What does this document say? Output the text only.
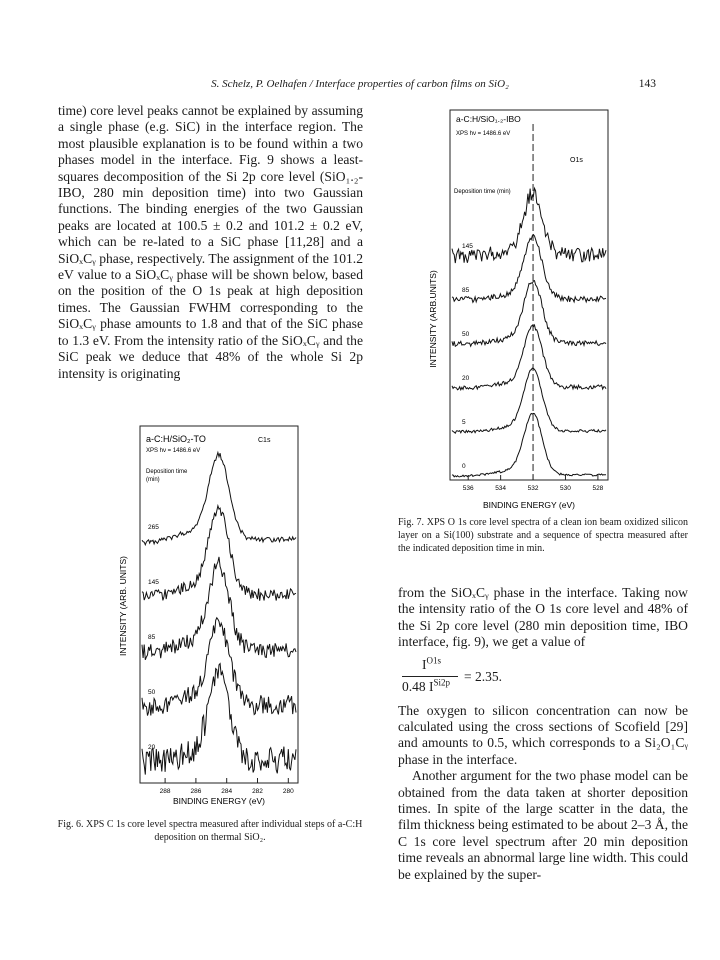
S. Schelz, P. Oelhafen / Interface properties of carbon films on SiO₂	143

time) core level peaks cannot be explained by assuming a single phase (e.g. SiC) in the interface region. The most plausible explanation is to be found within a two phases model in the interface. Fig. 9 shows a least-squares decomposition of the Si 2p core level (SiO₁.₂-IBO, 280 min deposition time) into two Gaussian functions. The binding energies of the two Gaussian peaks are located at 100.5 ± 0.2 and 101.2 ± 0.2 eV, which can be re-lated to a SiC phase [11,28] and a SiOₓCᵧ phase, respectively. The assignment of the 101.2 eV value to a SiOₓCᵧ phase will be shown below, based on the position of the O 1s peak at high deposition times. The Gaussian FWHM corresponding to the SiOₓCᵧ phase amounts to 1.8 and that of the SiC phase to 1.3 eV. From the intensity ratio of the SiOₓCᵧ and the SiC peak we deduce that 48% of the whole Si 2p intensity is originating

from the SiOₓCᵧ phase in the interface. Taking now the intensity ratio of the O 1s core level and 48% of the Si 2p core level (280 min deposition time, IBO interface, fig. 9), we get a value of

$I^{O1s}$
0.48 $I^{Si2p} = 2.35$.

The oxygen to silicon concentration can now be calculated using the cross sections of Scofield [29] and amounts to 0.5, which corresponds to a Si₂O₁Cᵧ phase in the interface.

Another argument for the two phase model can be obtained from the data taken at shorter deposition times. In spite of the large scatter in the data, the film thickness being estimated to be about 2–3 Å, the C 1s core level spectrum after 20 min deposition time reveals an abnormal large line width. This could be explained by the super-

a-C:H/SiO₂-TO
XPS hν = 1486.6 eV
C1s
Deposition time
(min)
INTENSITY (ARB. UNITS)
BINDING ENERGY (eV)
288	286	284	282	280
265
145
85
50
20
Fig. 6. XPS C 1s core level spectra measured after individual steps of a-C:H deposition on thermal SiO₂.
a-C:H/SiO₁.₂-IBO
XPS hν = 1486.6 eV
O1s
Deposition time (min)
INTENSITY (ARB.UNITS)
BINDING ENERGY (eV)
536	534	532	530	528
145
85
50
20
5
0
Fig. 7. XPS O 1s core level spectra of a clean ion beam oxidized silicon layer on a Si(100) substrate and a sequence of spectra measured after the indicated deposition time in min.
